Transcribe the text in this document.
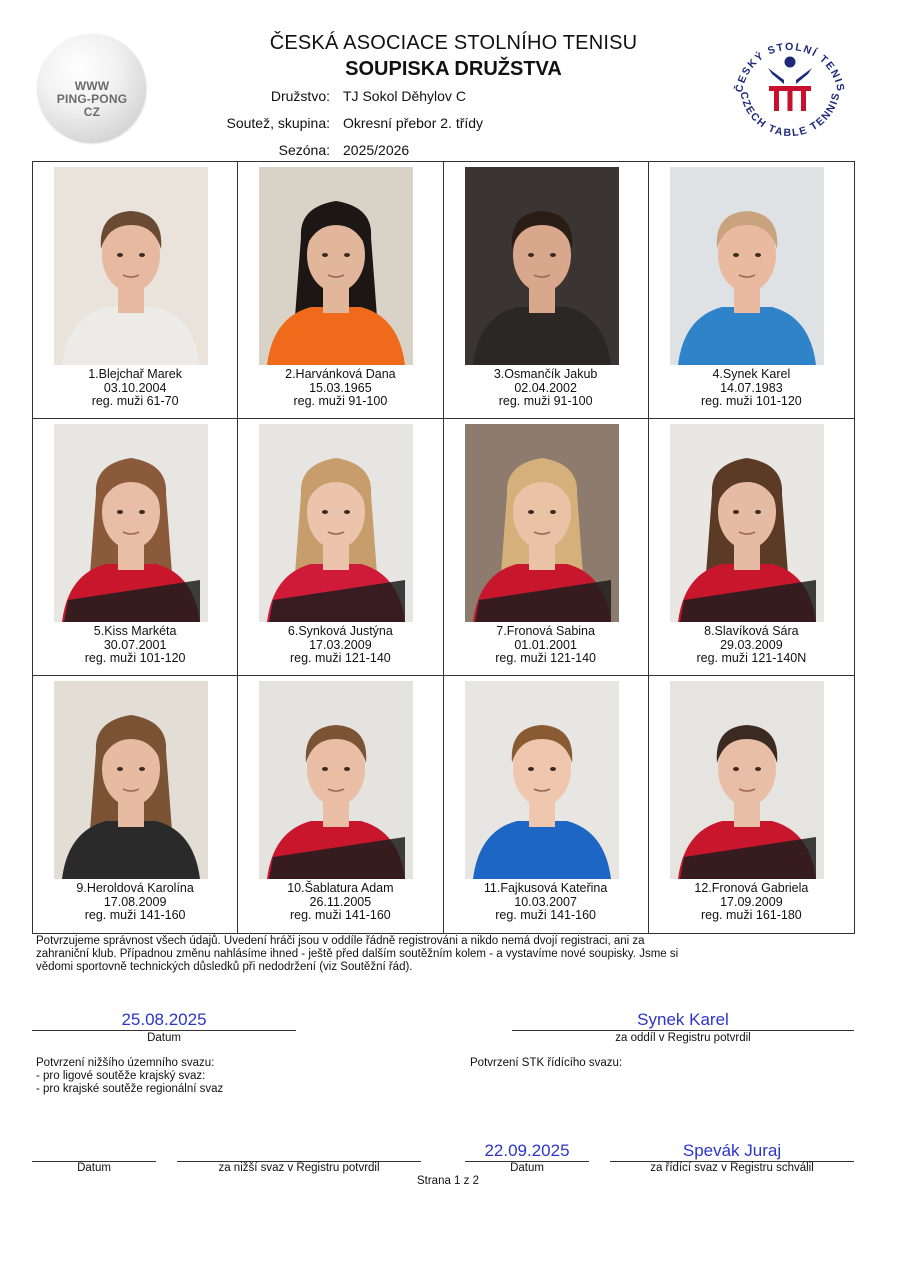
WWW
PING-PONG
CZ
ČESKÁ ASOCIACE STOLNÍHO TENISU
SOUPISKA DRUŽSTVA
Družstvo: TJ Sokol Děhylov C
Soutež, skupina: Okresní přebor 2. třídy
Sezóna: 2025/2026
ČESKÝ STOLNÍ TENIS
CZECH TABLE TENNIS
1.Blejchař Marek
03.10.2004
reg. muži 61-70
2.Harvánková Dana
15.03.1965
reg. muži 91-100
3.Osmančík Jakub
02.04.2002
reg. muži 91-100
4.Synek Karel
14.07.1983
reg. muži 101-120
5.Kiss Markéta
30.07.2001
reg. muži 101-120
6.Synková Justýna
17.03.2009
reg. muži 121-140
7.Fronová Sabina
01.01.2001
reg. muži 121-140
8.Slavíková Sára
29.03.2009
reg. muži 121-140N
9.Heroldová Karolína
17.08.2009
reg. muži 141-160
10.Šablatura Adam
26.11.2005
reg. muži 141-160
11.Fajkusová Kateřina
10.03.2007
reg. muži 141-160
12.Fronová Gabriela
17.09.2009
reg. muži 161-180
Potvrzujeme správnost všech údajů. Uvedení hráči jsou v oddíle řádně registrováni a nikdo nemá dvojí registraci, ani za
zahraniční klub. Případnou změnu nahlásíme ihned - ještě před dalším soutěžním kolem - a vystavíme nové soupisky. Jsme si
vědomi sportovně technických důsledků při nedodržení (viz Soutěžní řád).
25.08.2025
Datum
Synek Karel
za oddíl v Registru potvrdil
Potvrzení nižšího územního svazu:
- pro ligové soutěže krajský svaz:
- pro krajské soutěže regionální svaz
Potvrzení STK řídícího svazu:
Datum	za nižší svaz v Registru potvrdil
22.09.2025
Datum
Spevák Juraj
za řídící svaz v Registru schválil
Strana 1 z 2
